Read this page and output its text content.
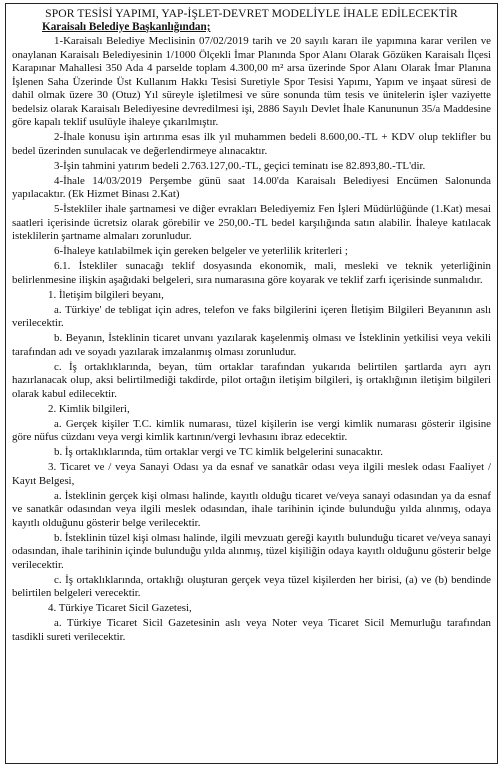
SPOR TESİSİ YAPIMI, YAP-İŞLET-DEVRET MODELİYLE İHALE EDİLECEKTİR
Karaisalı Belediye Başkanlığından;

1-Karaisalı Belediye Meclisinin 07/02/2019 tarih ve 20 sayılı kararı ile yapımına karar verilen ve onaylanan Karaisalı Belediyesinin 1/1000 Ölçekli İmar Planında Spor Alanı Olarak Gözüken Karaisalı İlçesi Karapınar Mahallesi 350 Ada 4 parselde toplam 4.300,00 m² arsa üzerinde Spor Alanı Olarak İmar Planına İşlenen Saha Üzerinde Üst Kullanım Hakkı Tesisi Suretiyle Spor Tesisi Yapımı, Yapım ve inşaat süresi de dahil olmak üzere 30 (Otuz) Yıl süreyle işletilmesi ve süre sonunda tüm tesis ve ünitelerin işler vaziyette bedelsiz olarak Karaisalı Belediyesine devredilmesi işi, 2886 Sayılı Devlet İhale Kanununun 35/a Maddesine göre kapalı teklif usulüyle ihaleye çıkarılmıştır.

2-İhale konusu işin artırıma esas ilk yıl muhammen bedeli 8.600,00.-TL + KDV olup teklifler bu bedel üzerinden sunulacak ve değerlendirmeye alınacaktır.

3-İşin tahmini yatırım bedeli 2.763.127,00.-TL, geçici teminatı ise 82.893,80.-TL'dir.

4-İhale 14/03/2019 Perşembe günü saat 14.00'da Karaisalı Belediyesi Encümen Salonunda yapılacaktır. (Ek Hizmet Binası 2.Kat)

5-İstekliler ihale şartnamesi ve diğer evrakları Belediyemiz Fen İşleri Müdürlüğünde (1.Kat) mesai saatleri içerisinde ücretsiz olarak görebilir ve 250,00.-TL bedel karşılığında satın alabilir. İhaleye katılacak isteklilerin şartname almaları zorunludur.

6-İhaleye katılabilmek için gereken belgeler ve yeterlilik kriterleri ;

6.1. İstekliler sunacağı teklif dosyasında ekonomik, mali, mesleki ve teknik yeterliğinin belirlenmesine ilişkin aşağıdaki belgeleri, sıra numarasına göre koyarak ve teklif zarfı içerisinde sunmalıdır.

1. İletişim bilgileri beyanı,

a. Türkiye' de tebligat için adres, telefon ve faks bilgilerini içeren İletişim Bilgileri Beyanının aslı verilecektir.

b. Beyanın, İsteklinin ticaret unvanı yazılarak kaşelenmiş olması ve İsteklinin yetkilisi veya vekili tarafından adı ve soyadı yazılarak imzalanmış olması zorunludur.

c. İş ortaklıklarında, beyan, tüm ortaklar tarafından yukarıda belirtilen şartlarda ayrı ayrı hazırlanacak olup, aksi belirtilmediği takdirde, pilot ortağın iletişim bilgileri, iş ortaklığının iletişim bilgileri olarak kabul edilecektir.

2. Kimlik bilgileri,

a. Gerçek kişiler T.C. kimlik numarası, tüzel kişilerin ise vergi kimlik numarası gösterir ilgisine göre nüfus cüzdanı veya vergi kimlik kartının/vergi levhasını ibraz edecektir.

b. İş ortaklıklarında, tüm ortaklar vergi ve TC kimlik belgelerini sunacaktır.

3. Ticaret ve / veya Sanayi Odası ya da esnaf ve sanatkâr odası veya ilgili meslek odası Faaliyet / Kayıt Belgesi,

a. İsteklinin gerçek kişi olması halinde, kayıtlı olduğu ticaret ve/veya sanayi odasından ya da esnaf ve sanatkâr odasından veya ilgili meslek odasından, ihale tarihinin içinde bulunduğu yılda alınmış, odaya kayıtlı olduğunu gösterir belge verilecektir.

b. İsteklinin tüzel kişi olması halinde, ilgili mevzuatı gereği kayıtlı bulunduğu ticaret ve/veya sanayi odasından, ihale tarihinin içinde bulunduğu yılda alınmış, tüzel kişiliğin odaya kayıtlı olduğunu gösterir belge verilecektir.

c. İş ortaklıklarında, ortaklığı oluşturan gerçek veya tüzel kişilerden her birisi, (a) ve (b) bendinde belirtilen belgeleri verecektir.

4. Türkiye Ticaret Sicil Gazetesi,

a. Türkiye Ticaret Sicil Gazetesinin aslı veya Noter veya Ticaret Sicil Memurluğu tarafından tasdikli sureti verilecektir.
